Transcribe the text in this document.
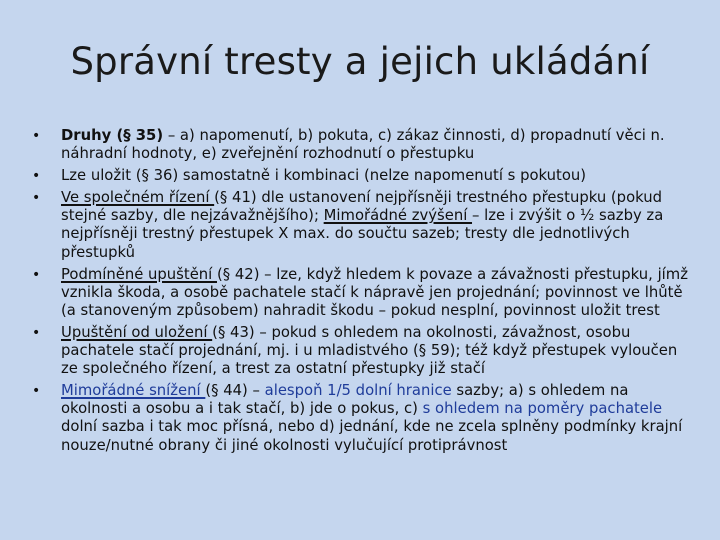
Správní tresty a jejich ukládání
• Druhy (§ 35) – a) napomenutí, b) pokuta, c) zákaz činnosti, d) propadnutí věci n. náhradní hodnoty, e) zveřejnění rozhodnutí o přestupku
• Lze uložit (§ 36) samostatně i kombinaci (nelze napomenutí s pokutou)
• Ve společném řízení (§ 41) dle ustanovení nejpřísněji trestného přestupku (pokud stejné sazby, dle nejzávažnějšího); Mimořádné zvýšení – lze i zvýšit o ½ sazby za nejpřísněji trestný přestupek X max. do součtu sazeb; tresty dle jednotlivých přestupků
• Podmíněné upuštění (§ 42) – lze, když hledem k povaze a závažnosti přestupku, jímž vznikla škoda, a osobě pachatele stačí k nápravě jen projednání; povinnost ve lhůtě (a stanoveným způsobem) nahradit škodu – pokud nesplní, povinnost uložit trest
• Upuštění od uložení (§ 43) – pokud s ohledem na okolnosti, závažnost, osobu pachatele stačí projednání, mj. i u mladistvého (§ 59); též když přestupek vyloučen ze společného řízení, a trest za ostatní přestupky již stačí
• Mimořádné snížení (§ 44) – alespoň 1/5 dolní hranice sazby; a) s ohledem na okolnosti a osobu a i tak stačí, b) jde o pokus, c) s ohledem na poměry pachatele dolní sazba i tak moc přísná, nebo d) jednání, kde ne zcela splněny podmínky krajní nouze/nutné obrany či jiné okolnosti vylučující protiprávnost
